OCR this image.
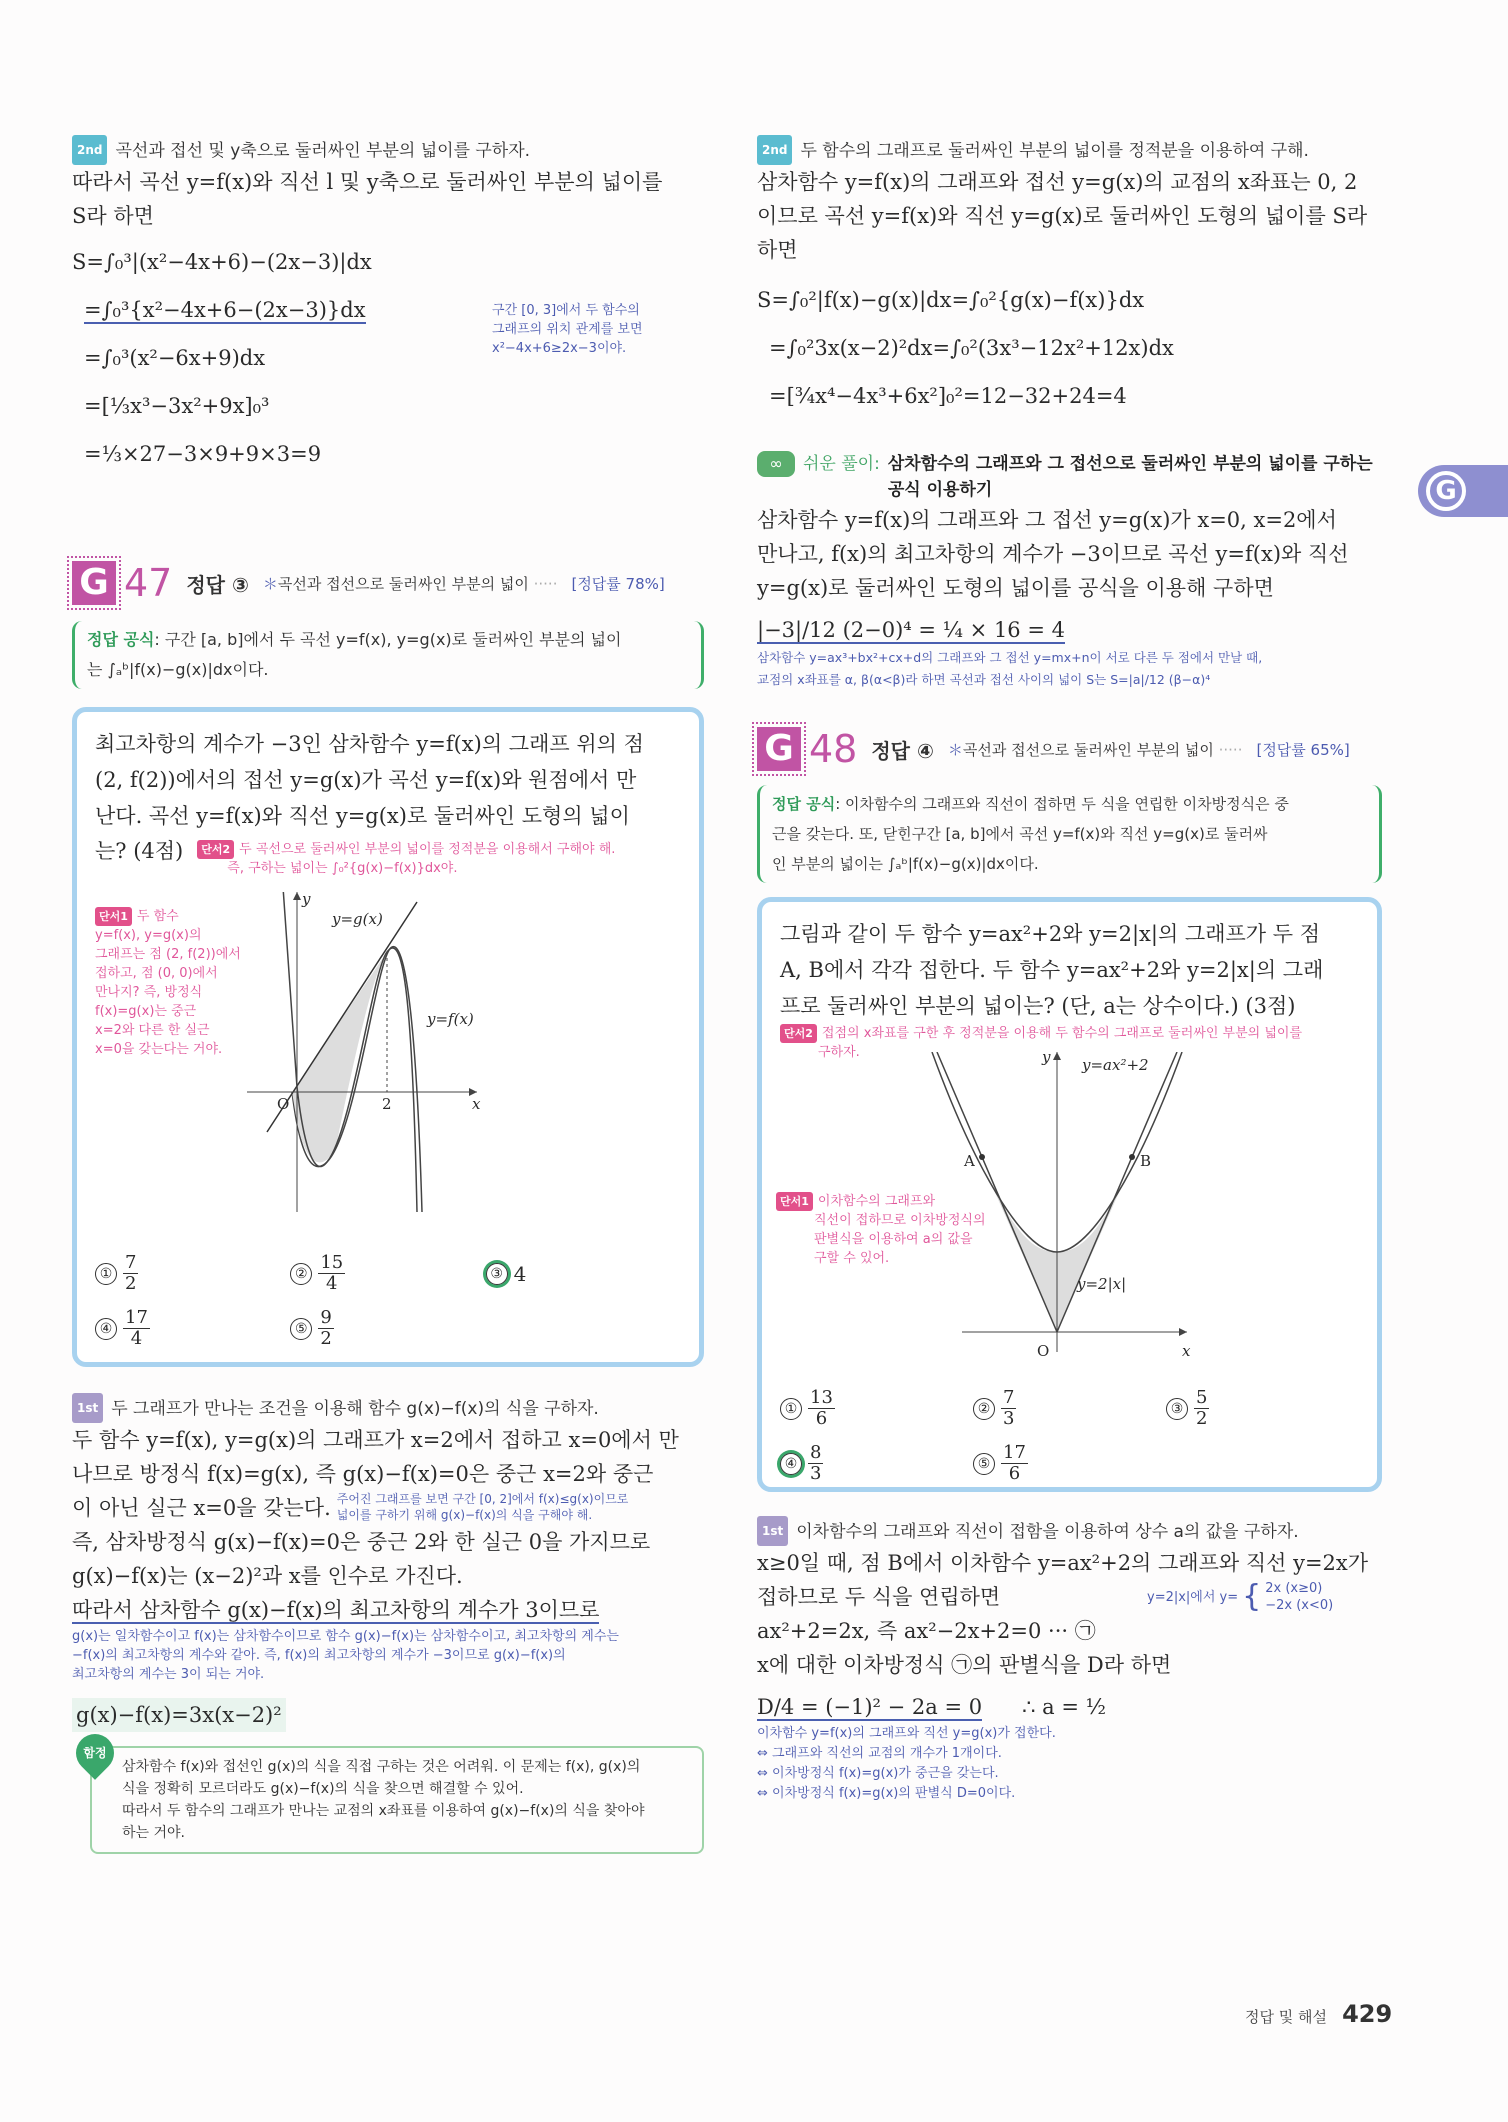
2nd 곡선과 접선 및 y축으로 둘러싸인 부분의 넓이를 구하자.
따라서 곡선 y=f(x)와 직선 l 및 y축으로 둘러싸인 부분의 넓이를
S라 하면
S=∫₀³|(x²−4x+6)−(2x−3)|dx
=∫₀³{x²−4x+6−(2x−3)}dx	구간 [0, 3]에서 두 함수의
그래프의 위치 관계를 보면
x²−4x+6≥2x−3이야.
=∫₀³(x²−6x+9)dx
=[⅓x³−3x²+9x]₀³
=⅓×27−3×9+9×3=9
G 47 정답 ③ ＊곡선과 접선으로 둘러싸인 부분의 넓이 ····· [정답률 78%]
정답 공식: 구간 [a, b]에서 두 곡선 y=f(x), y=g(x)로 둘러싸인 부분의 넓이
는 ∫ₐᵇ|f(x)−g(x)|dx이다.
최고차항의 계수가 −3인 삼차함수 y=f(x)의 그래프 위의 점
(2, f(2))에서의 접선 y=g(x)가 곡선 y=f(x)와 원점에서 만
난다. 곡선 y=f(x)와 직선 y=g(x)로 둘러싸인 도형의 넓이
는? (4점)	단서2 두 곡선으로 둘러싸인 부분의 넓이를 정적분을 이용해서 구해야 해.
즉, 구하는 넓이는 ∫₀²{g(x)−f(x)}dx야.
단서1 두 함수
y=f(x), y=g(x)의
그래프는 점 (2, f(2))에서
접하고, 점 (0, 0)에서
만나지? 즉, 방정식
f(x)=g(x)는 중근
x=2와 다른 한 실근
x=0을 갖는다는 거야.
y=g(x)
y=f(x)
O	2	x
y
① $\frac{7}{2}$	② $\frac{15}{4}$	③ 4
④ $\frac{17}{4}$	⑤ $\frac{9}{2}$
1st 두 그래프가 만나는 조건을 이용해 함수 g(x)−f(x)의 식을 구하자.
두 함수 y=f(x), y=g(x)의 그래프가 x=2에서 접하고 x=0에서 만
나므로 방정식 f(x)=g(x), 즉 g(x)−f(x)=0은 중근 x=2와 중근
이 아닌 실근 x=0을 갖는다. 주어진 그래프를 보면 구간 [0, 2]에서 f(x)≤g(x)이므로
넓이를 구하기 위해 g(x)−f(x)의 식을 구해야 해.
즉, 삼차방정식 g(x)−f(x)=0은 중근 2와 한 실근 0을 가지므로
g(x)−f(x)는 (x−2)²과 x를 인수로 가진다.
따라서 삼차함수 g(x)−f(x)의 최고차항의 계수가 3이므로
g(x)는 일차함수이고 f(x)는 삼차함수이므로 함수 g(x)−f(x)는 삼차함수이고, 최고차항의 계수는
−f(x)의 최고차항의 계수와 같아. 즉, f(x)의 최고차항의 계수가 −3이므로 g(x)−f(x)의
최고차항의 계수는 3이 되는 거야.
g(x)−f(x)=3x(x−2)²
함정
삼차함수 f(x)와 접선인 g(x)의 식을 직접 구하는 것은 어려워. 이 문제는 f(x), g(x)의
식을 정확히 모르더라도 g(x)−f(x)의 식을 찾으면 해결할 수 있어.
따라서 두 함수의 그래프가 만나는 교점의 x좌표를 이용하여 g(x)−f(x)의 식을 찾아야
하는 거야.
2nd 두 함수의 그래프로 둘러싸인 부분의 넓이를 정적분을 이용하여 구해.
삼차함수 y=f(x)의 그래프와 접선 y=g(x)의 교점의 x좌표는 0, 2
이므로 곡선 y=f(x)와 직선 y=g(x)로 둘러싸인 도형의 넓이를 S라
하면
S=∫₀²|f(x)−g(x)|dx=∫₀²{g(x)−f(x)}dx
=∫₀²3x(x−2)²dx=∫₀²(3x³−12x²+12x)dx
=[¾x⁴−4x³+6x²]₀²=12−32+24=4
∞	쉬운 풀이: 삼차함수의 그래프와 그 접선으로 둘러싸인 부분의 넓이를 구하는
공식 이용하기
삼차함수 y=f(x)의 그래프와 그 접선 y=g(x)가 x=0, x=2에서
만나고, f(x)의 최고차항의 계수가 −3이므로 곡선 y=f(x)와 직선
y=g(x)로 둘러싸인 도형의 넓이를 공식을 이용해 구하면
|−3|/12 (2−0)⁴ = ¼ × 16 = 4
삼차함수 y=ax³+bx²+cx+d의 그래프와 그 접선 y=mx+n이 서로 다른 두 점에서 만날 때,
교점의 x좌표를 α, β(α<β)라 하면 곡선과 접선 사이의 넓이 S는 S=|a|/12 (β−α)⁴
G 48 정답 ④ ＊곡선과 접선으로 둘러싸인 부분의 넓이 ····· [정답률 65%]
정답 공식: 이차함수의 그래프와 직선이 접하면 두 식을 연립한 이차방정식은 중
근을 갖는다. 또, 닫힌구간 [a, b]에서 곡선 y=f(x)와 직선 y=g(x)로 둘러싸
인 부분의 넓이는 ∫ₐᵇ|f(x)−g(x)|dx이다.
그림과 같이 두 함수 y=ax²+2와 y=2|x|의 그래프가 두 점
A, B에서 각각 접한다. 두 함수 y=ax²+2와 y=2|x|의 그래
프로 둘러싸인 부분의 넓이는? (단, a는 상수이다.) (3점)
단서2 접점의 x좌표를 구한 후 정적분을 이용해 두 함수의 그래프로 둘러싸인 부분의 넓이를
구하자.
단서1 이차함수의 그래프와
직선이 접하므로 이차방정식의
판별식을 이용하여 a의 값을
구할 수 있어.
y=ax²+2
y=2|x|
A	B
O	x
y
① $\frac{13}{6}$	② $\frac{7}{3}$	③ $\frac{5}{2}$
④ $\frac{8}{3}$	⑤ $\frac{17}{6}$
1st 이차함수의 그래프와 직선이 접함을 이용하여 상수 a의 값을 구하자.
x≥0일 때, 점 B에서 이차함수 y=ax²+2의 그래프와 직선 y=2x가
접하므로 두 식을 연립하면	y=2|x|에서 y= { 2x (x≥0)
−2x (x<0)
ax²+2=2x, 즉 ax²−2x+2=0 ··· ㉠
x에 대한 이차방정식 ㉠의 판별식을 D라 하면
D/4 = (−1)² − 2a = 0 ∴ a = ½
이차함수 y=f(x)의 그래프와 직선 y=g(x)가 접한다.
⇔ 그래프와 직선의 교점의 개수가 1개이다.
⇔ 이차방정식 f(x)=g(x)가 중근을 갖는다.
⇔ 이차방정식 f(x)=g(x)의 판별식 D=0이다.
G
정답 및 해설 429
